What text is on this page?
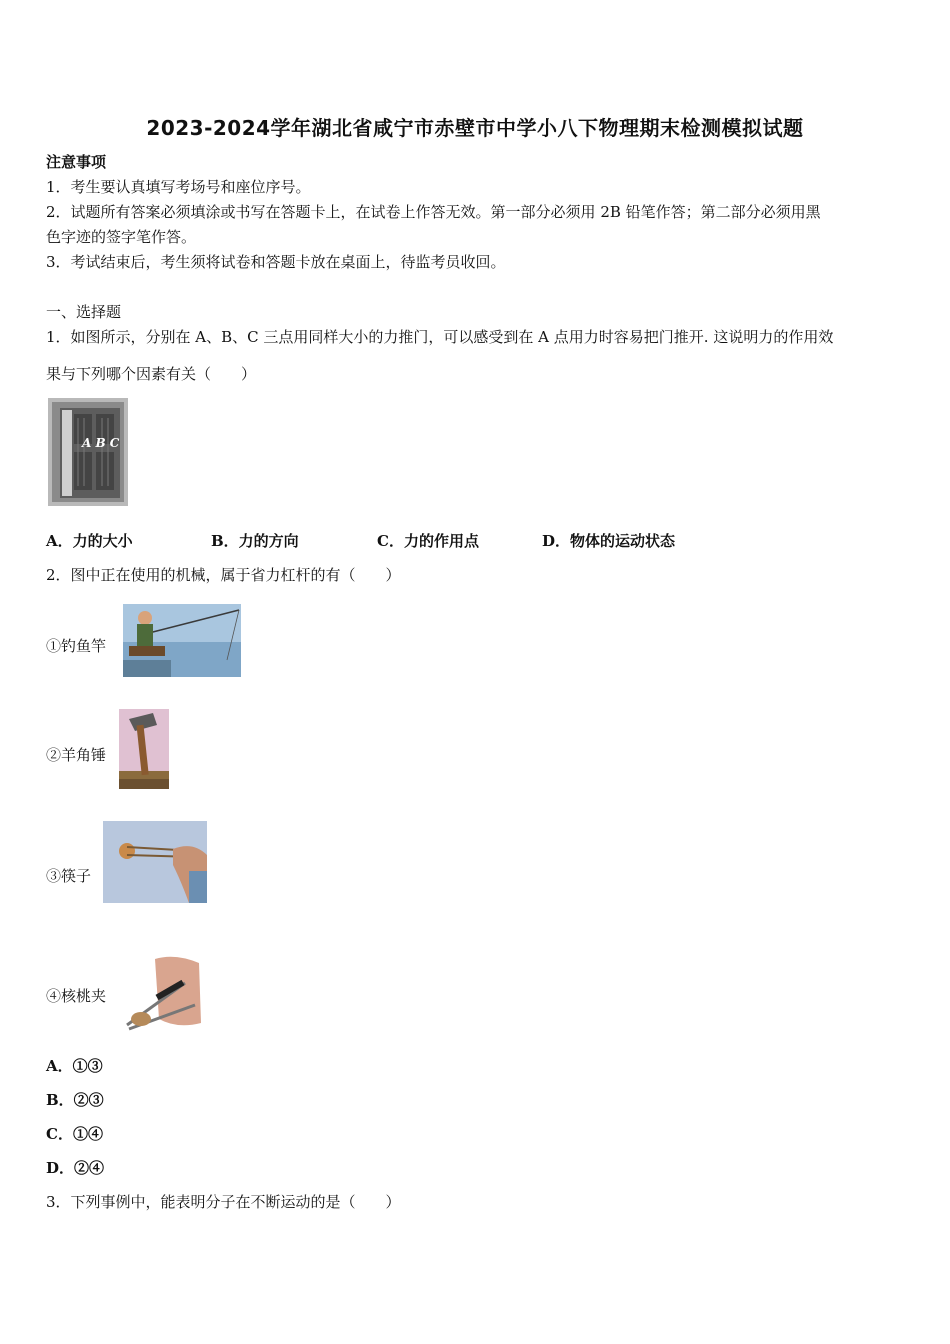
2023-2024学年湖北省咸宁市赤壁市中学小八下物理期末检测模拟试题
注意事项
1．考生要认真填写考场号和座位序号。
2．试题所有答案必须填涂或书写在答题卡上，在试卷上作答无效。第一部分必须用 2B 铅笔作答；第二部分必须用黑
色字迹的签字笔作答。
3．考试结束后，考生须将试卷和答题卡放在桌面上，待监考员收回。
一、选择题
1．如图所示，分别在 A、B、C 三点用同样大小的力推门，可以感受到在 A 点用力时容易把门推开. 这说明力的作用效
果与下列哪个因素有关（　　）
A B C
A．力的大小	B．力的方向	C．力的作用点	D．物体的运动状态
2．图中正在使用的机械，属于省力杠杆的有（　　）
①钓鱼竿
②羊角锤
③筷子
④核桃夹
A．①③
B．②③
C．①④
D．②④
3．下列事例中，能表明分子在不断运动的是（　　）
